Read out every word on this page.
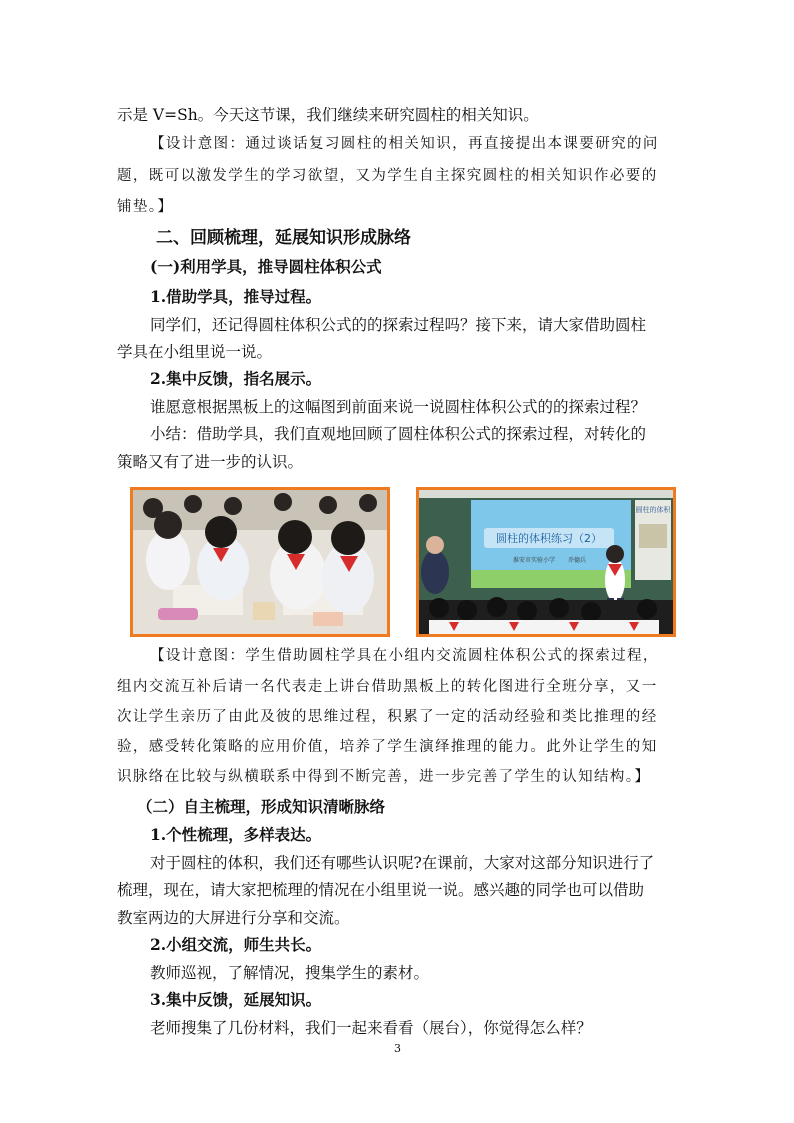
示是 V=Sh。今天这节课，我们继续来研究圆柱的相关知识。
【设计意图：通过谈话复习圆柱的相关知识，再直接提出本课要研究的问
题，既可以激发学生的学习欲望，又为学生自主探究圆柱的相关知识作必要的
铺垫。】
二、回顾梳理，延展知识形成脉络
(一)利用学具，推导圆柱体积公式
1.借助学具，推导过程。
同学们，还记得圆柱体积公式的的探索过程吗？接下来，请大家借助圆柱
学具在小组里说一说。
2.集中反馈，指名展示。
谁愿意根据黑板上的这幅图到前面来说一说圆柱体积公式的的探索过程？
小结：借助学具，我们直观地回顾了圆柱体积公式的探索过程，对转化的
策略又有了进一步的认识。
圆柱的体积练习（2）
淮安市实验小学 乔德兵
圆柱的体积
【设计意图：学生借助圆柱学具在小组内交流圆柱体积公式的探索过程，
组内交流互补后请一名代表走上讲台借助黑板上的转化图进行全班分享，又一
次让学生亲历了由此及彼的思维过程，积累了一定的活动经验和类比推理的经
验，感受转化策略的应用价值，培养了学生演绎推理的能力。此外让学生的知
识脉络在比较与纵横联系中得到不断完善，进一步完善了学生的认知结构。】
（二）自主梳理，形成知识清晰脉络
1.个性梳理，多样表达。
对于圆柱的体积，我们还有哪些认识呢?在课前，大家对这部分知识进行了
梳理，现在，请大家把梳理的情况在小组里说一说。感兴趣的同学也可以借助
教室两边的大屏进行分享和交流。
2.小组交流，师生共长。
教师巡视，了解情况，搜集学生的素材。
3.集中反馈，延展知识。
老师搜集了几份材料，我们一起来看看（展台），你觉得怎么样？
3
